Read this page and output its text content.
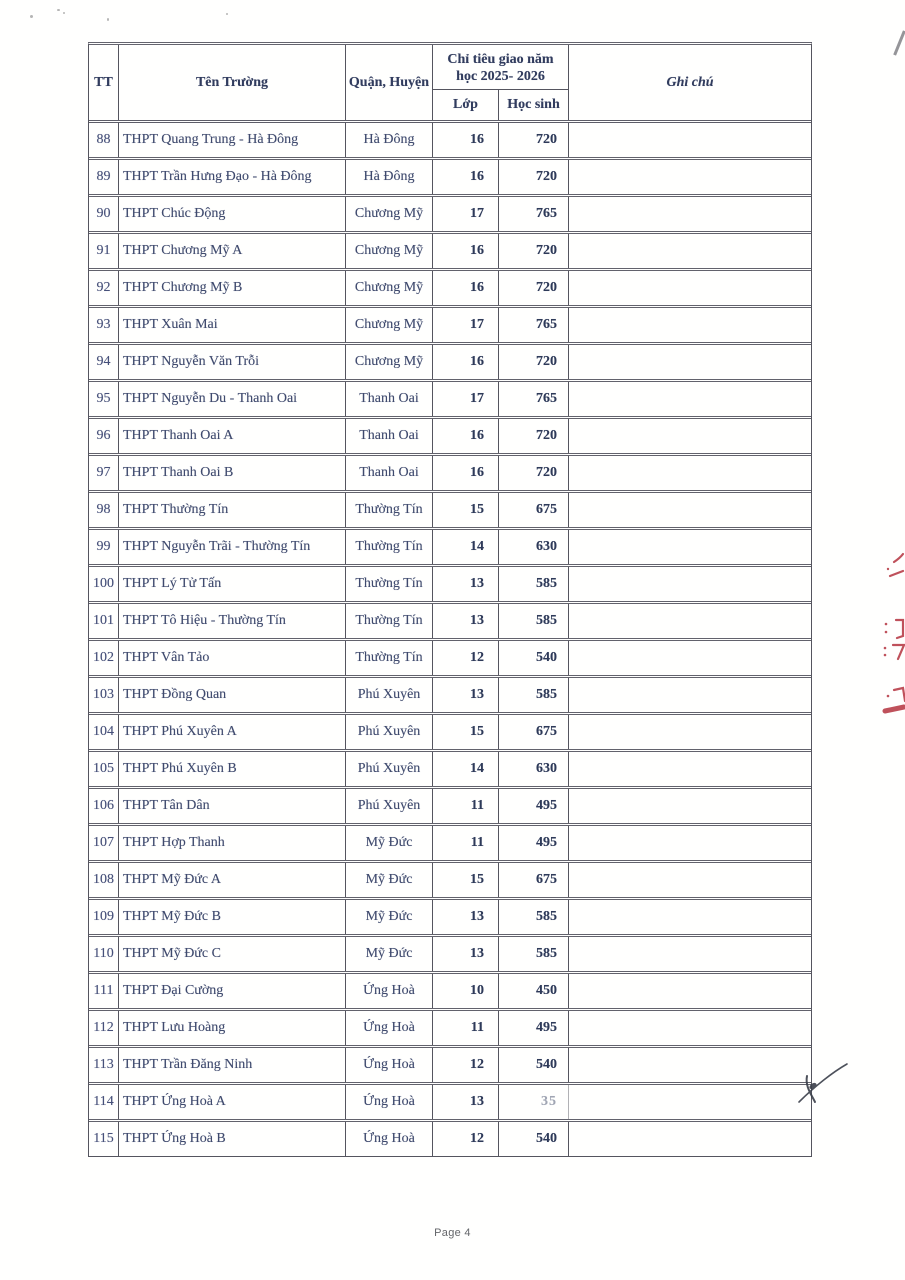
TT	Tên Trường	Quận, Huyện
Chỉ tiêu giao năm học 2025- 2026
Lớp	Học sinh
Ghi chú
88 THPT Quang Trung - Hà Đông	Hà Đông	16	720
89 THPT Trần Hưng Đạo - Hà Đông	Hà Đông	16	720
90 THPT Chúc Động	Chương Mỹ	17	765
91 THPT Chương Mỹ A	Chương Mỹ	16	720
92 THPT Chương Mỹ B	Chương Mỹ	16	720
93 THPT Xuân Mai	Chương Mỹ	17	765
94 THPT Nguyễn Văn Trỗi	Chương Mỹ	16	720
95 THPT Nguyễn Du - Thanh Oai	Thanh Oai	17	765
96 THPT Thanh Oai A	Thanh Oai	16	720
97 THPT Thanh Oai B	Thanh Oai	16	720
98 THPT Thường Tín	Thường Tín	15	675
99 THPT Nguyễn Trãi - Thường Tín	Thường Tín	14	630
100 THPT Lý Tử Tấn	Thường Tín	13	585
101 THPT Tô Hiệu - Thường Tín	Thường Tín	13	585
102 THPT Vân Tảo	Thường Tín	12	540
103 THPT Đồng Quan	Phú Xuyên	13	585
104 THPT Phú Xuyên A	Phú Xuyên	15	675
105 THPT Phú Xuyên B	Phú Xuyên	14	630
106 THPT Tân Dân	Phú Xuyên	11	495
107 THPT Hợp Thanh	Mỹ Đức	11	495
108 THPT Mỹ Đức A	Mỹ Đức	15	675
109 THPT Mỹ Đức B	Mỹ Đức	13	585
110 THPT Mỹ Đức C	Mỹ Đức	13	585
111 THPT Đại Cường	Ứng Hoà	10	450
112 THPT Lưu Hoàng	Ứng Hoà	11	495
113 THPT Trần Đăng Ninh	Ứng Hoà	12	540
114 THPT Ứng Hoà A	Ứng Hoà	13	35
115 THPT Ứng Hoà B	Ứng Hoà	12	540
Page 4
